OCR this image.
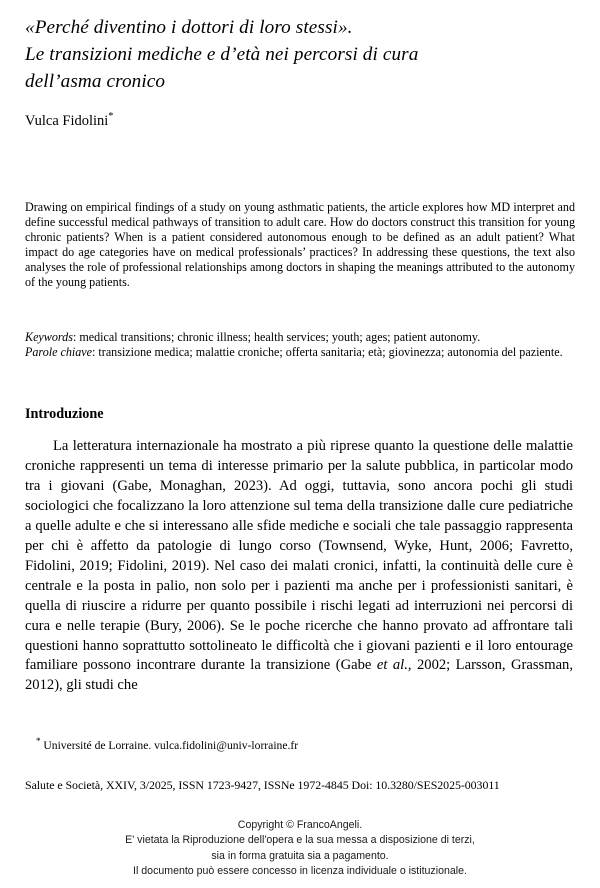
«Perché diventino i dottori di loro stessi».
Le transizioni mediche e d’età nei percorsi di cura
dell’asma cronico
Vulca Fidolini*
Drawing on empirical findings of a study on young asthmatic patients, the article explores how MD interpret and define successful medical pathways of transition to adult care. How do doctors construct this transition for young chronic patients? When is a patient considered autonomous enough to be defined as an adult patient? What impact do age categories have on medical professionals’ practices? In addressing these questions, the text also analyses the role of professional relationships among doctors in shaping the meanings attributed to the autonomy of the young patients.
Keywords: medical transitions; chronic illness; health services; youth; ages; patient autonomy.
Parole chiave: transizione medica; malattie croniche; offerta sanitaria; età; giovinezza; autonomia del paziente.
Introduzione
La letteratura internazionale ha mostrato a più riprese quanto la questione delle malattie croniche rappresenti un tema di interesse primario per la salute pubblica, in particolar modo tra i giovani (Gabe, Monaghan, 2023). Ad oggi, tuttavia, sono ancora pochi gli studi sociologici che focalizzano la loro attenzione sul tema della transizione dalle cure pediatriche a quelle adulte e che si interessano alle sfide mediche e sociali che tale passaggio rappresenta per chi è affetto da patologie di lungo corso (Townsend, Wyke, Hunt, 2006; Favretto, Fidolini, 2019; Fidolini, 2019). Nel caso dei malati cronici, infatti, la continuità delle cure è centrale e la posta in palio, non solo per i pazienti ma anche per i professionisti sanitari, è quella di riuscire a ridurre per quanto possibile i rischi legati ad interruzioni nei percorsi di cura e nelle terapie (Bury, 2006). Se le poche ricerche che hanno provato ad affrontare tali questioni hanno soprattutto sottolineato le difficoltà che i giovani pazienti e il loro entourage familiare possono incontrare durante la transizione (Gabe et al., 2002; Larsson, Grassman, 2012), gli studi che
* Université de Lorraine. vulca.fidolini@univ-lorraine.fr
Salute e Società, XXIV, 3/2025, ISSN 1723-9427, ISSNe 1972-4845 Doi: 10.3280/SES2025-003011
Copyright © FrancoAngeli.
E' vietata la Riproduzione dell'opera e la sua messa a disposizione di terzi,
sia in forma gratuita sia a pagamento.
Il documento può essere concesso in licenza individuale o istituzionale.
